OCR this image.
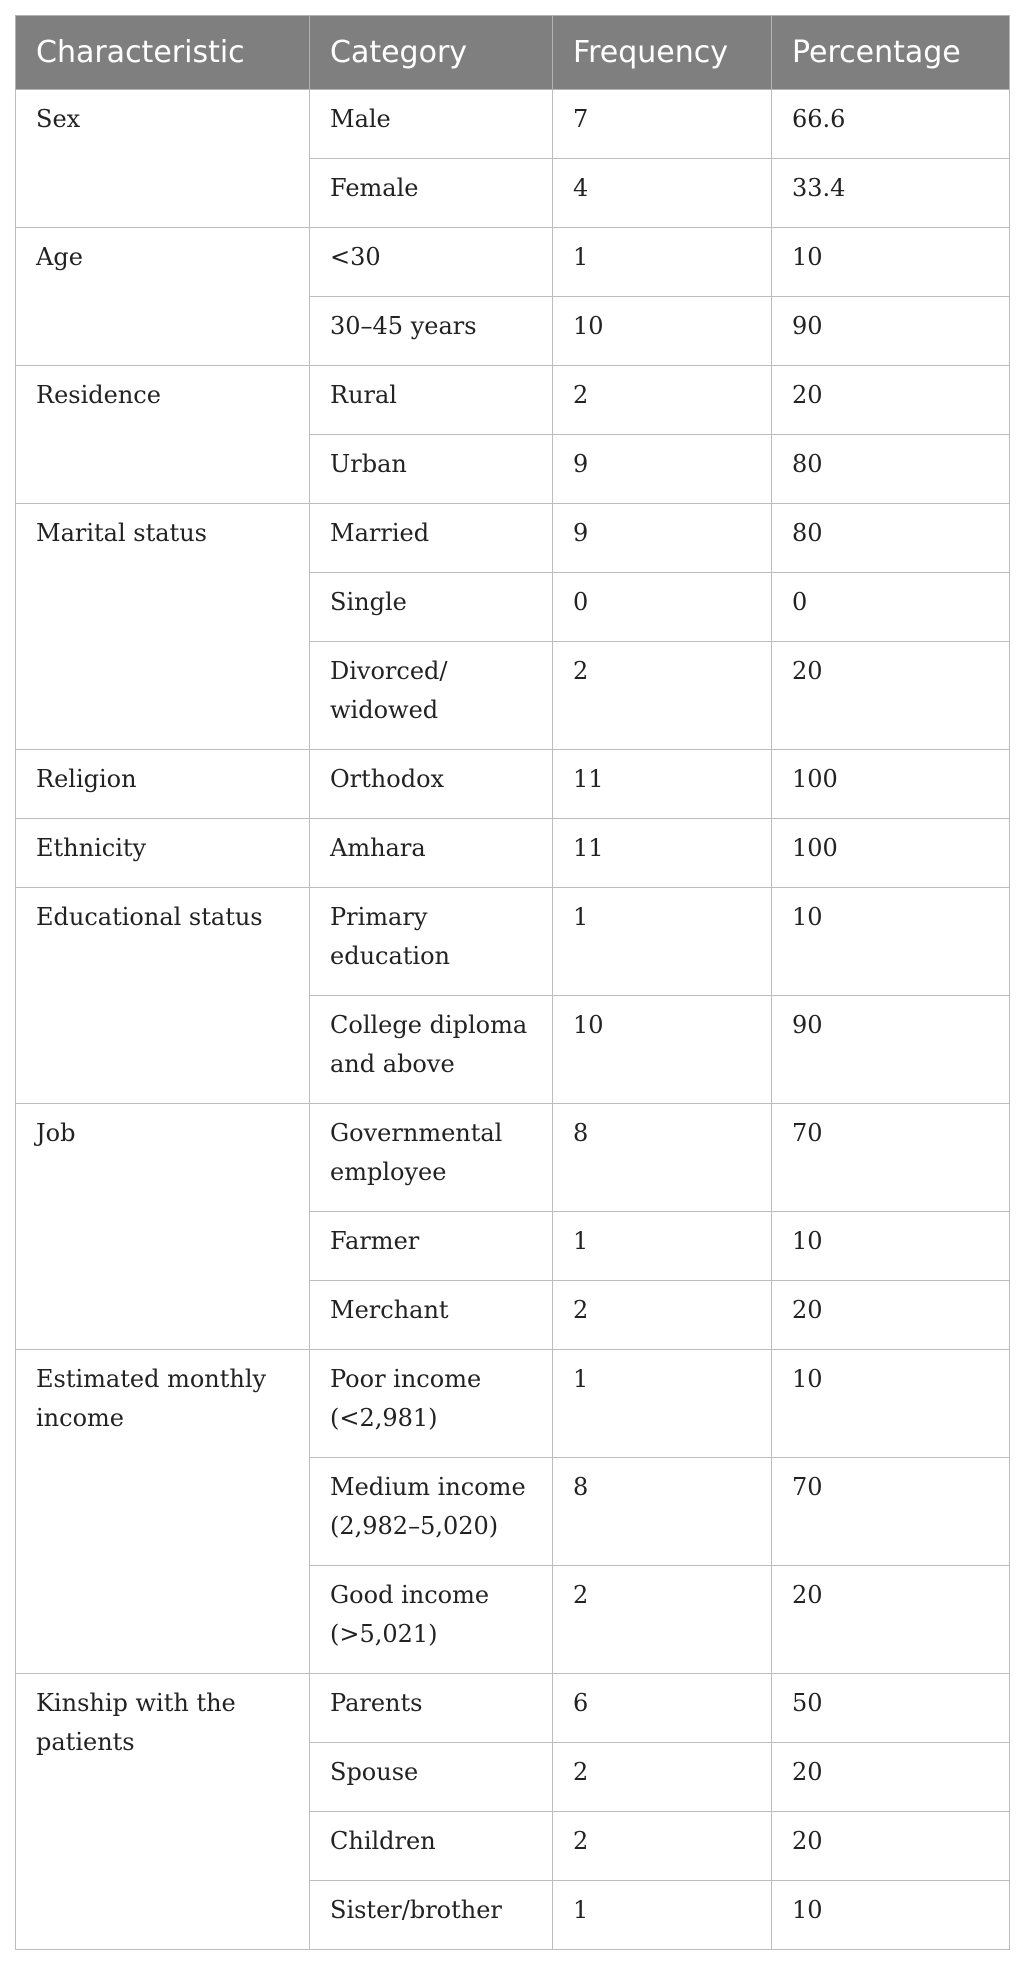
Characteristic	Category	Frequency	Percentage
Sex	Male	7	66.6
	Female	4	33.4
Age	<30	1	10
	30–45 years	10	90
Residence	Rural	2	20
	Urban	9	80
Marital status	Married	9	80
	Single	0	0
	Divorced/ widowed	2	20
Religion	Orthodox	11	100
Ethnicity	Amhara	11	100
Educational status	Primary education	1	10
	College diploma and above	10	90
Job	Governmental employee	8	70
	Farmer	1	10
	Merchant	2	20
Estimated monthly income	Poor income (<2,981)	1	10
	Medium income (2,982–5,020)	8	70
	Good income (>5,021)	2	20
Kinship with the patients	Parents	6	50
	Spouse	2	20
	Children	2	20
	Sister/brother	1	10
